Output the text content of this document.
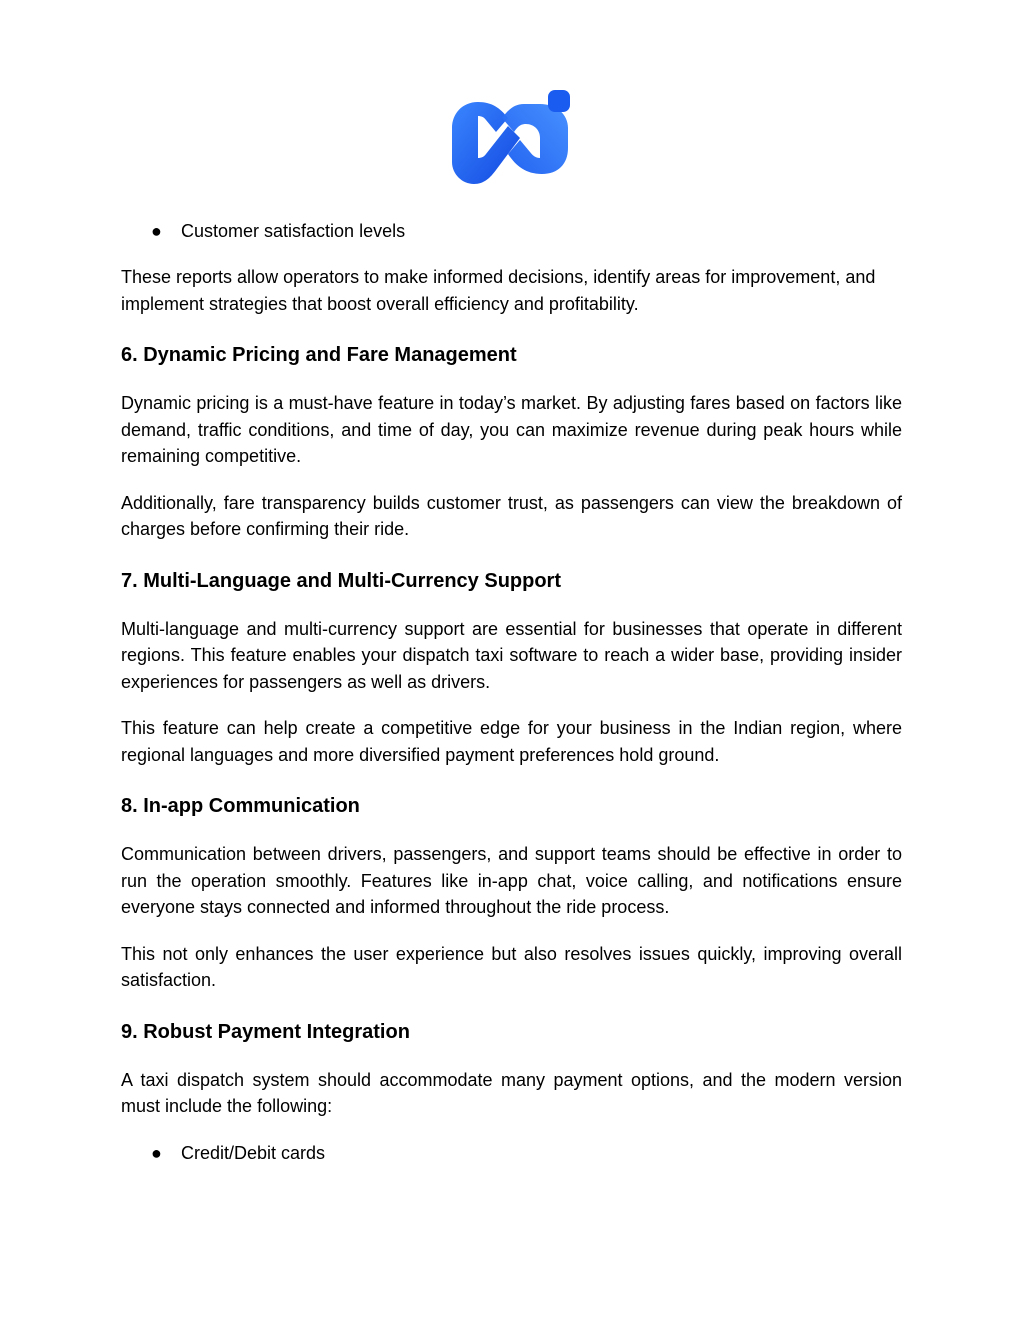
● Customer satisfaction levels

These reports allow operators to make informed decisions, identify areas for improvement, and implement strategies that boost overall efficiency and profitability.

6. Dynamic Pricing and Fare Management

Dynamic pricing is a must-have feature in today’s market. By adjusting fares based on factors like demand, traffic conditions, and time of day, you can maximize revenue during peak hours while remaining competitive.

Additionally, fare transparency builds customer trust, as passengers can view the breakdown of charges before confirming their ride.

7. Multi-Language and Multi-Currency Support

Multi-language and multi-currency support are essential for businesses that operate in different regions. This feature enables your dispatch taxi software to reach a wider base, providing insider experiences for passengers as well as drivers.

This feature can help create a competitive edge for your business in the Indian region, where regional languages and more diversified payment preferences hold ground.

8. In-app Communication

Communication between drivers, passengers, and support teams should be effective in order to run the operation smoothly. Features like in-app chat, voice calling, and notifications ensure everyone stays connected and informed throughout the ride process.

This not only enhances the user experience but also resolves issues quickly, improving overall satisfaction.

9. Robust Payment Integration

A taxi dispatch system should accommodate many payment options, and the modern version must include the following:

● Credit/Debit cards
